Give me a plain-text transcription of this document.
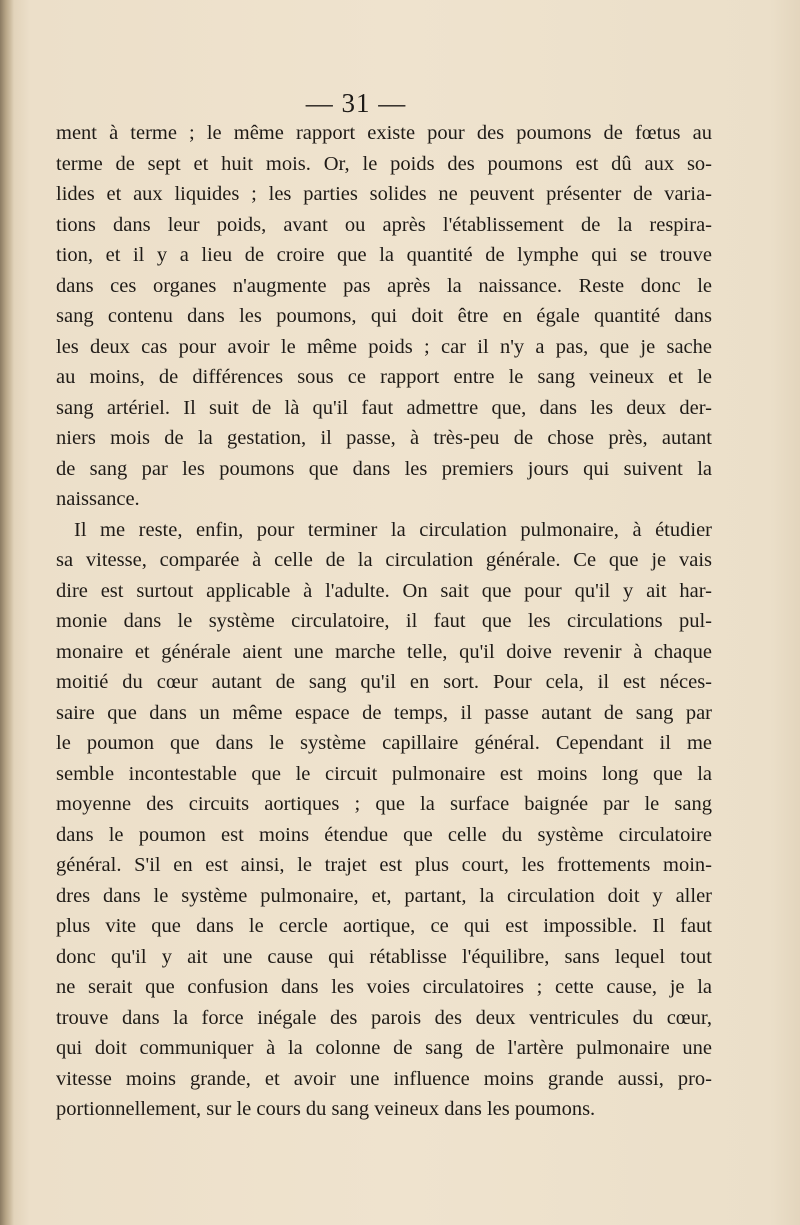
— 31 —
ment à terme ; le même rapport existe pour des poumons de fœtus au
terme de sept et huit mois. Or, le poids des poumons est dû aux so-
lides et aux liquides ; les parties solides ne peuvent présenter de varia-
tions dans leur poids, avant ou après l'établissement de la respira-
tion, et il y a lieu de croire que la quantité de lymphe qui se trouve
dans ces organes n'augmente pas après la naissance. Reste donc le
sang contenu dans les poumons, qui doit être en égale quantité dans
les deux cas pour avoir le même poids ; car il n'y a pas, que je sache
au moins, de différences sous ce rapport entre le sang veineux et le
sang artériel. Il suit de là qu'il faut admettre que, dans les deux der-
niers mois de la gestation, il passe, à très-peu de chose près, autant
de sang par les poumons que dans les premiers jours qui suivent la
naissance.
Il me reste, enfin, pour terminer la circulation pulmonaire, à étudier
sa vitesse, comparée à celle de la circulation générale. Ce que je vais
dire est surtout applicable à l'adulte. On sait que pour qu'il y ait har-
monie dans le système circulatoire, il faut que les circulations pul-
monaire et générale aient une marche telle, qu'il doive revenir à chaque
moitié du cœur autant de sang qu'il en sort. Pour cela, il est néces-
saire que dans un même espace de temps, il passe autant de sang par
le poumon que dans le système capillaire général. Cependant il me
semble incontestable que le circuit pulmonaire est moins long que la
moyenne des circuits aortiques ; que la surface baignée par le sang
dans le poumon est moins étendue que celle du système circulatoire
général. S'il en est ainsi, le trajet est plus court, les frottements moin-
dres dans le système pulmonaire, et, partant, la circulation doit y aller
plus vite que dans le cercle aortique, ce qui est impossible. Il faut
donc qu'il y ait une cause qui rétablisse l'équilibre, sans lequel tout
ne serait que confusion dans les voies circulatoires ; cette cause, je la
trouve dans la force inégale des parois des deux ventricules du cœur,
qui doit communiquer à la colonne de sang de l'artère pulmonaire une
vitesse moins grande, et avoir une influence moins grande aussi, pro-
portionnellement, sur le cours du sang veineux dans les poumons.
